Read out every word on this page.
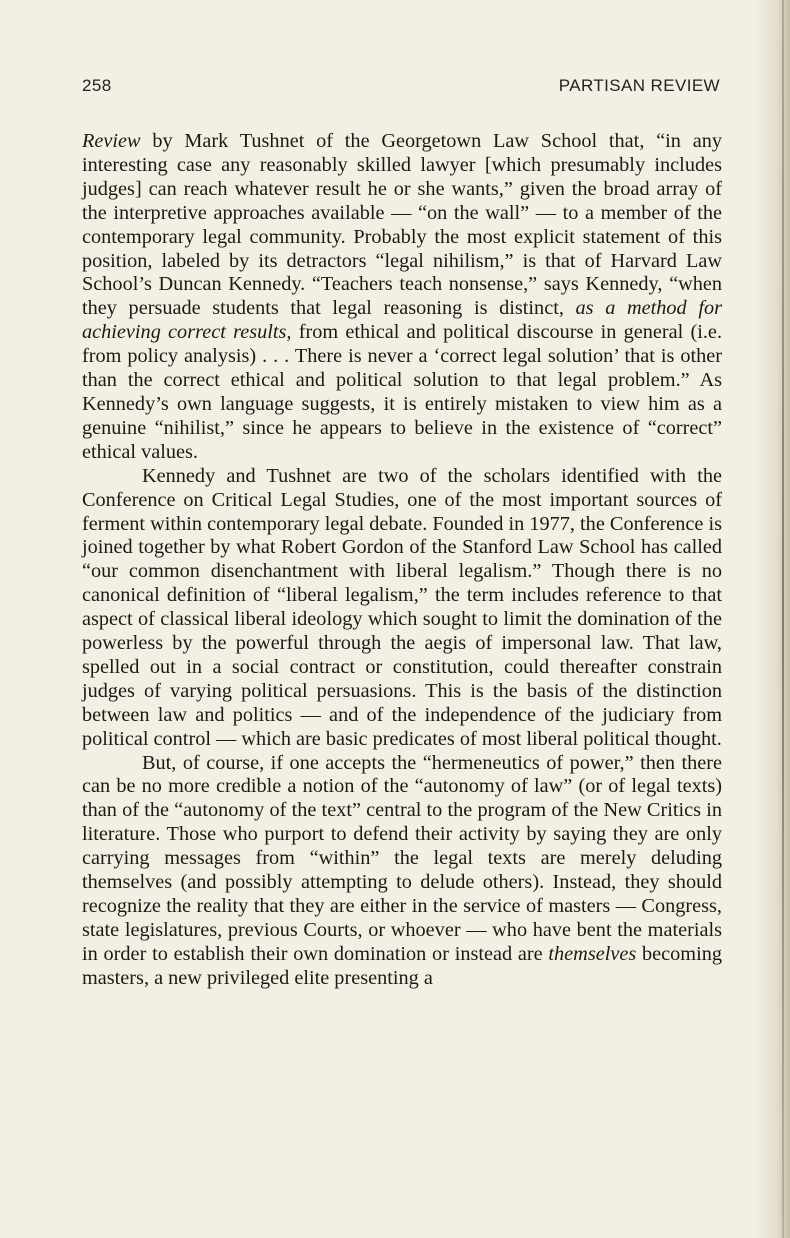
258	PARTISAN REVIEW

Review by Mark Tushnet of the Georgetown Law School that, “in any interesting case any reasonably skilled lawyer [which presumably includes judges] can reach whatever result he or she wants,” given the broad array of the interpretive approaches available — “on the wall” — to a member of the contemporary legal community. Probably the most explicit statement of this position, labeled by its detractors “legal nihilism,” is that of Harvard Law School’s Duncan Kennedy. “Teachers teach nonsense,” says Kennedy, “when they persuade students that legal reasoning is distinct, as a method for achieving correct results, from ethical and political discourse in general (i.e. from policy analysis) . . . There is never a ‘correct legal solution’ that is other than the correct ethical and political solution to that legal problem.” As Kennedy’s own language suggests, it is entirely mistaken to view him as a genuine “nihilist,” since he appears to believe in the existence of “correct” ethical values.

Kennedy and Tushnet are two of the scholars identified with the Conference on Critical Legal Studies, one of the most important sources of ferment within contemporary legal debate. Founded in 1977, the Conference is joined together by what Robert Gordon of the Stanford Law School has called “our common disenchantment with liberal legalism.” Though there is no canonical definition of “liberal legalism,” the term includes reference to that aspect of classical liberal ideology which sought to limit the domination of the powerless by the powerful through the aegis of impersonal law. That law, spelled out in a social contract or constitution, could thereafter constrain judges of varying political persuasions. This is the basis of the distinction between law and politics — and of the independence of the judiciary from political control — which are basic predicates of most liberal political thought.

But, of course, if one accepts the “hermeneutics of power,” then there can be no more credible a notion of the “autonomy of law” (or of legal texts) than of the “autonomy of the text” central to the program of the New Critics in literature. Those who purport to defend their activity by saying they are only carrying messages from “within” the legal texts are merely deluding themselves (and possibly attempting to delude others). Instead, they should recognize the reality that they are either in the service of masters — Congress, state legislatures, previous Courts, or whoever — who have bent the materials in order to establish their own domination or instead are themselves becoming masters, a new privileged elite presenting a
